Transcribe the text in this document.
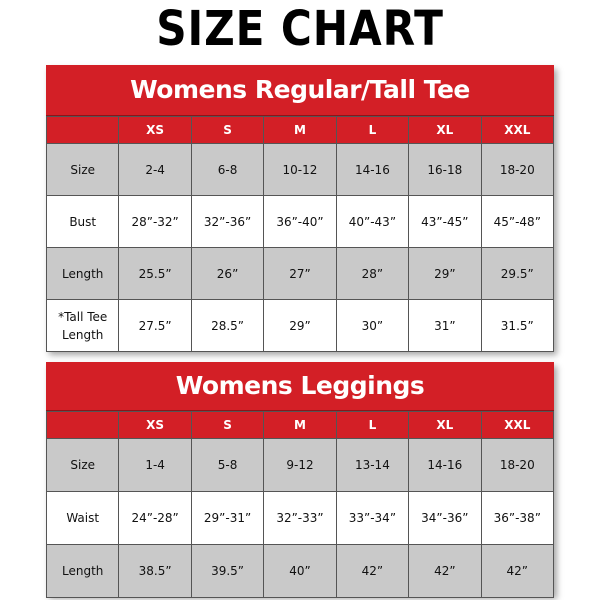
SIZE CHART
Womens Regular/Tall Tee
	XS	S	M	L	XL	XXL
Size	2-4	6-8	10-12	14-16	16-18	18-20
Bust	28”-32”	32”-36”	36”-40”	40”-43”	43”-45”	45”-48”
Length	25.5”	26”	27”	28”	29”	29.5”
*Tall Tee Length	27.5”	28.5”	29”	30”	31”	31.5”
Womens Leggings
	XS	S	M	L	XL	XXL
Size	1-4	5-8	9-12	13-14	14-16	18-20
Waist	24”-28”	29”-31”	32”-33”	33”-34”	34”-36”	36”-38”
Length	38.5”	39.5”	40”	42”	42”	42”
